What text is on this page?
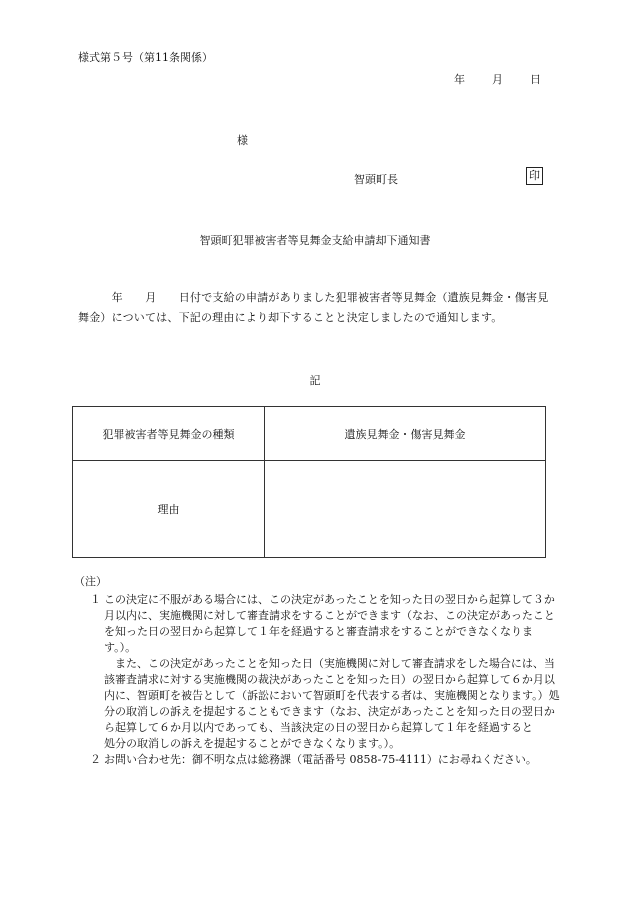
様式第５号（第11条関係）
年 月 日
様
智頭町長	印
智頭町犯罪被害者等見舞金支給申請却下通知書
　　　年　　月　　日付で支給の申請がありました犯罪被害者等見舞金（遺族見舞金・傷害見舞金）については、下記の理由により却下することと決定しましたので通知します。
記
犯罪被害者等見舞金の種類	遺族見舞金・傷害見舞金
理由	
（注）
１ この決定に不服がある場合には、この決定があったことを知った日の翌日から起算して３か月以内に、実施機関に対して審査請求をすることができます（なお、この決定があったことを知った日の翌日から起算して１年を経過すると審査請求をすることができなくなります。）。
また、この決定があったことを知った日（実施機関に対して審査請求をした場合には、当該審査請求に対する実施機関の裁決があったことを知った日）の翌日から起算して６か月以内に、智頭町を被告として（訴訟において智頭町を代表する者は、実施機関となります。）処分の取消しの訴えを提起することもできます（なお、決定があったことを知った日の翌日から起算して６か月以内であっても、当該決定の日の翌日から起算して１年を経過すると
処分の取消しの訴えを提起することができなくなります。）。
２ お問い合わせ先：御不明な点は総務課（電話番号 0858-75-4111）にお尋ねください。
